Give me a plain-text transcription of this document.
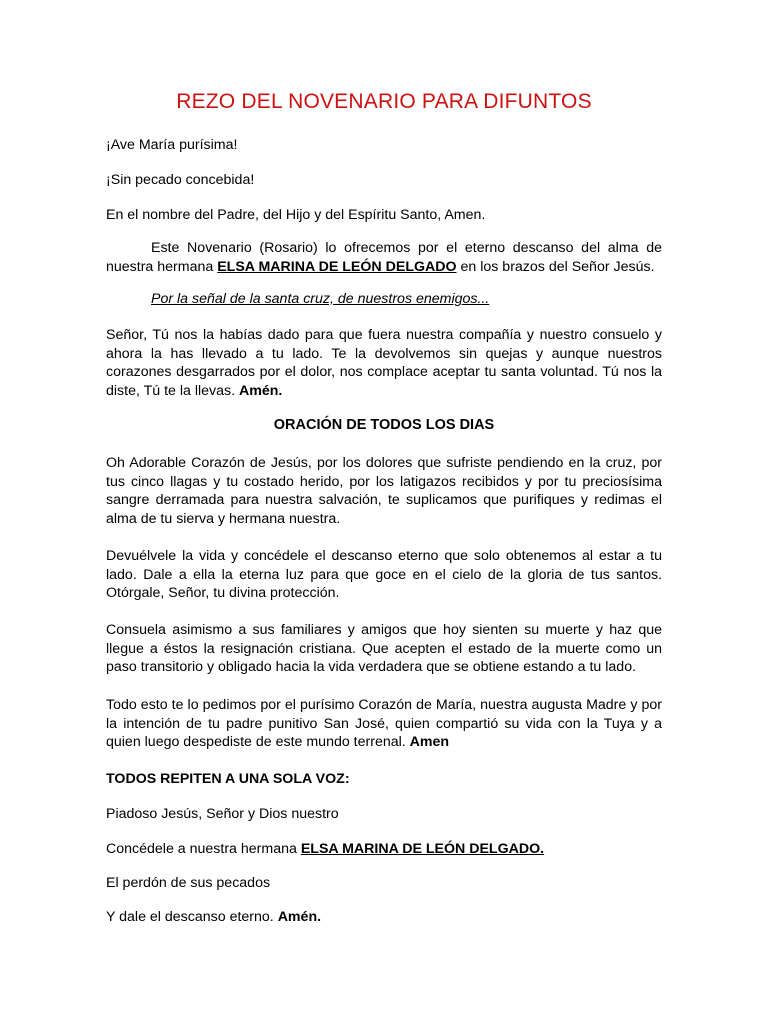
REZO DEL NOVENARIO PARA DIFUNTOS

¡Ave María purísima!

¡Sin pecado concebida!

En el nombre del Padre, del Hijo y del Espíritu Santo, Amen.

Este Novenario (Rosario) lo ofrecemos por el eterno descanso del alma de nuestra hermana ELSA MARINA DE LEÓN DELGADO en los brazos del Señor Jesús.

Por la señal de la santa cruz, de nuestros enemigos...

Señor, Tú nos la habías dado para que fuera nuestra compañía y nuestro consuelo y ahora la has llevado a tu lado. Te la devolvemos sin quejas y aunque nuestros corazones desgarrados por el dolor, nos complace aceptar tu santa voluntad. Tú nos la diste, Tú te la llevas. Amén.

ORACIÓN DE TODOS LOS DIAS

Oh Adorable Corazón de Jesús, por los dolores que sufriste pendiendo en la cruz, por tus cinco llagas y tu costado herido, por los latigazos recibidos y por tu preciosísima sangre derramada para nuestra salvación, te suplicamos que purifiques y redimas el alma de tu sierva y hermana nuestra.

Devuélvele la vida y concédele el descanso eterno que solo obtenemos al estar a tu lado. Dale a ella la eterna luz para que goce en el cielo de la gloria de tus santos. Otórgale, Señor, tu divina protección.

Consuela asimismo a sus familiares y amigos que hoy sienten su muerte y haz que llegue a éstos la resignación cristiana. Que acepten el estado de la muerte como un paso transitorio y obligado hacia la vida verdadera que se obtiene estando a tu lado.

Todo esto te lo pedimos por el purísimo Corazón de María, nuestra augusta Madre y por la intención de tu padre punitivo San José, quien compartió su vida con la Tuya y a quien luego despediste de este mundo terrenal. Amen

TODOS REPITEN A UNA SOLA VOZ:

Piadoso Jesús, Señor y Dios nuestro

Concédele a nuestra hermana ELSA MARINA DE LEÓN DELGADO.

El perdón de sus pecados

Y dale el descanso eterno. Amén.
